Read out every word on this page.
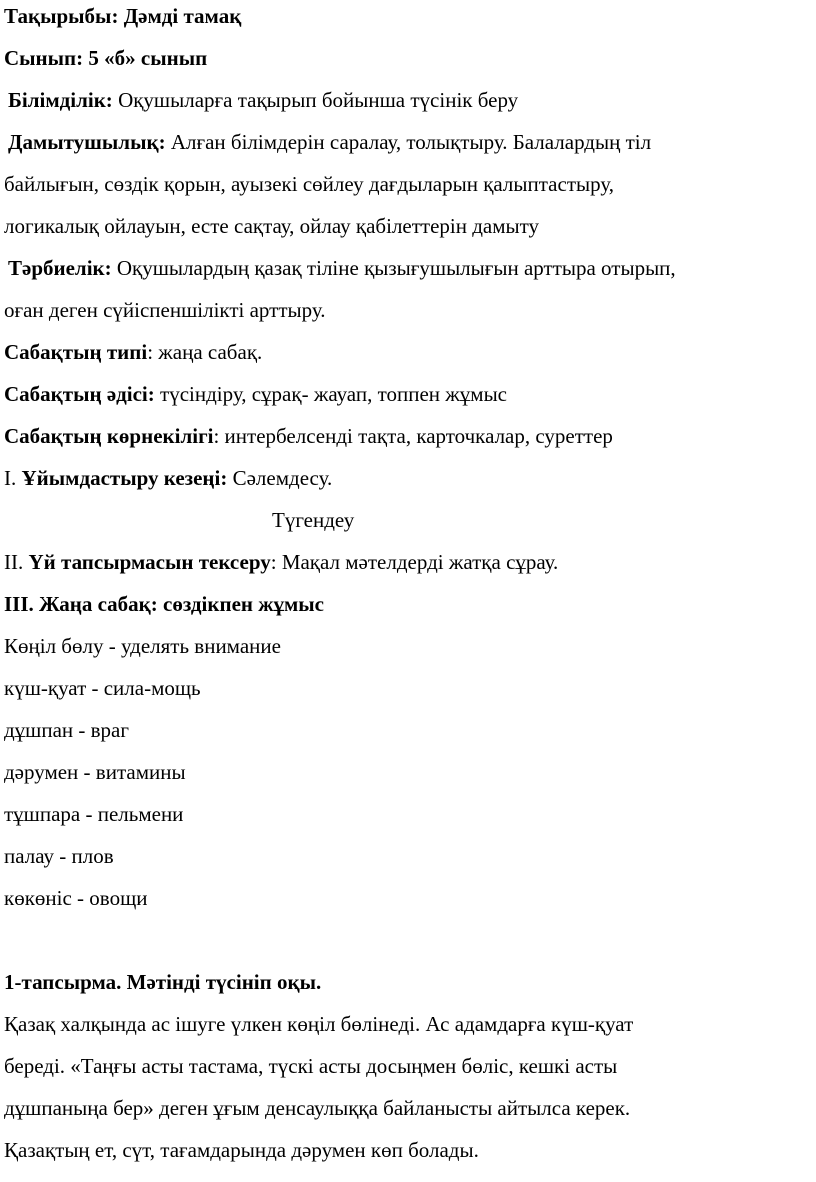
Тақырыбы: Дәмді тамақ
Сынып: 5 «б» сынып
Білімділік: Оқушыларға тақырып бойынша түсінік беру
Дамытушылық: Алған білімдерін саралау, толықтыру. Балалардың тіл
байлығын, сөздік қорын, ауызекі сөйлеу дағдыларын қалыптастыру,
логикалық ойлауын, есте сақтау, ойлау қабілеттерін дамыту
Тәрбиелік: Оқушылардың қазақ тіліне қызығушылығын арттыра отырып,
оған деген сүйіспеншілікті арттыру.
Сабақтың типі: жаңа сабақ.
Сабақтың әдісі: түсіндіру, сұрақ- жауап, топпен жұмыс
Сабақтың көрнекілігі: интербелсенді тақта, карточкалар, суреттер
I. Ұйымдастыру кезеңі: Сәлемдесу.
Түгендеу
II. Үй тапсырмасын тексеру: Мақал мәтелдерді жатқа сұрау.
III. Жаңа сабақ: сөздікпен жұмыс
Көңіл бөлу - уделять внимание
күш-қуат - сила-мощь
дұшпан - враг
дәрумен - витамины
тұшпара - пельмени
палау - плов
көкөніс - овощи
1-тапсырма. Мәтінді түсініп оқы.
Қазақ халқында ас ішуге үлкен көңіл бөлінеді. Ас адамдарға күш-қуат
береді. «Таңғы асты тастама, түскі асты досыңмен бөліс, кешкі асты
дұшпаныңа бер» деген ұғым денсаулыққа байланысты айтылса керек.
Қазақтың ет, сүт, тағамдарында дәрумен көп болады.
